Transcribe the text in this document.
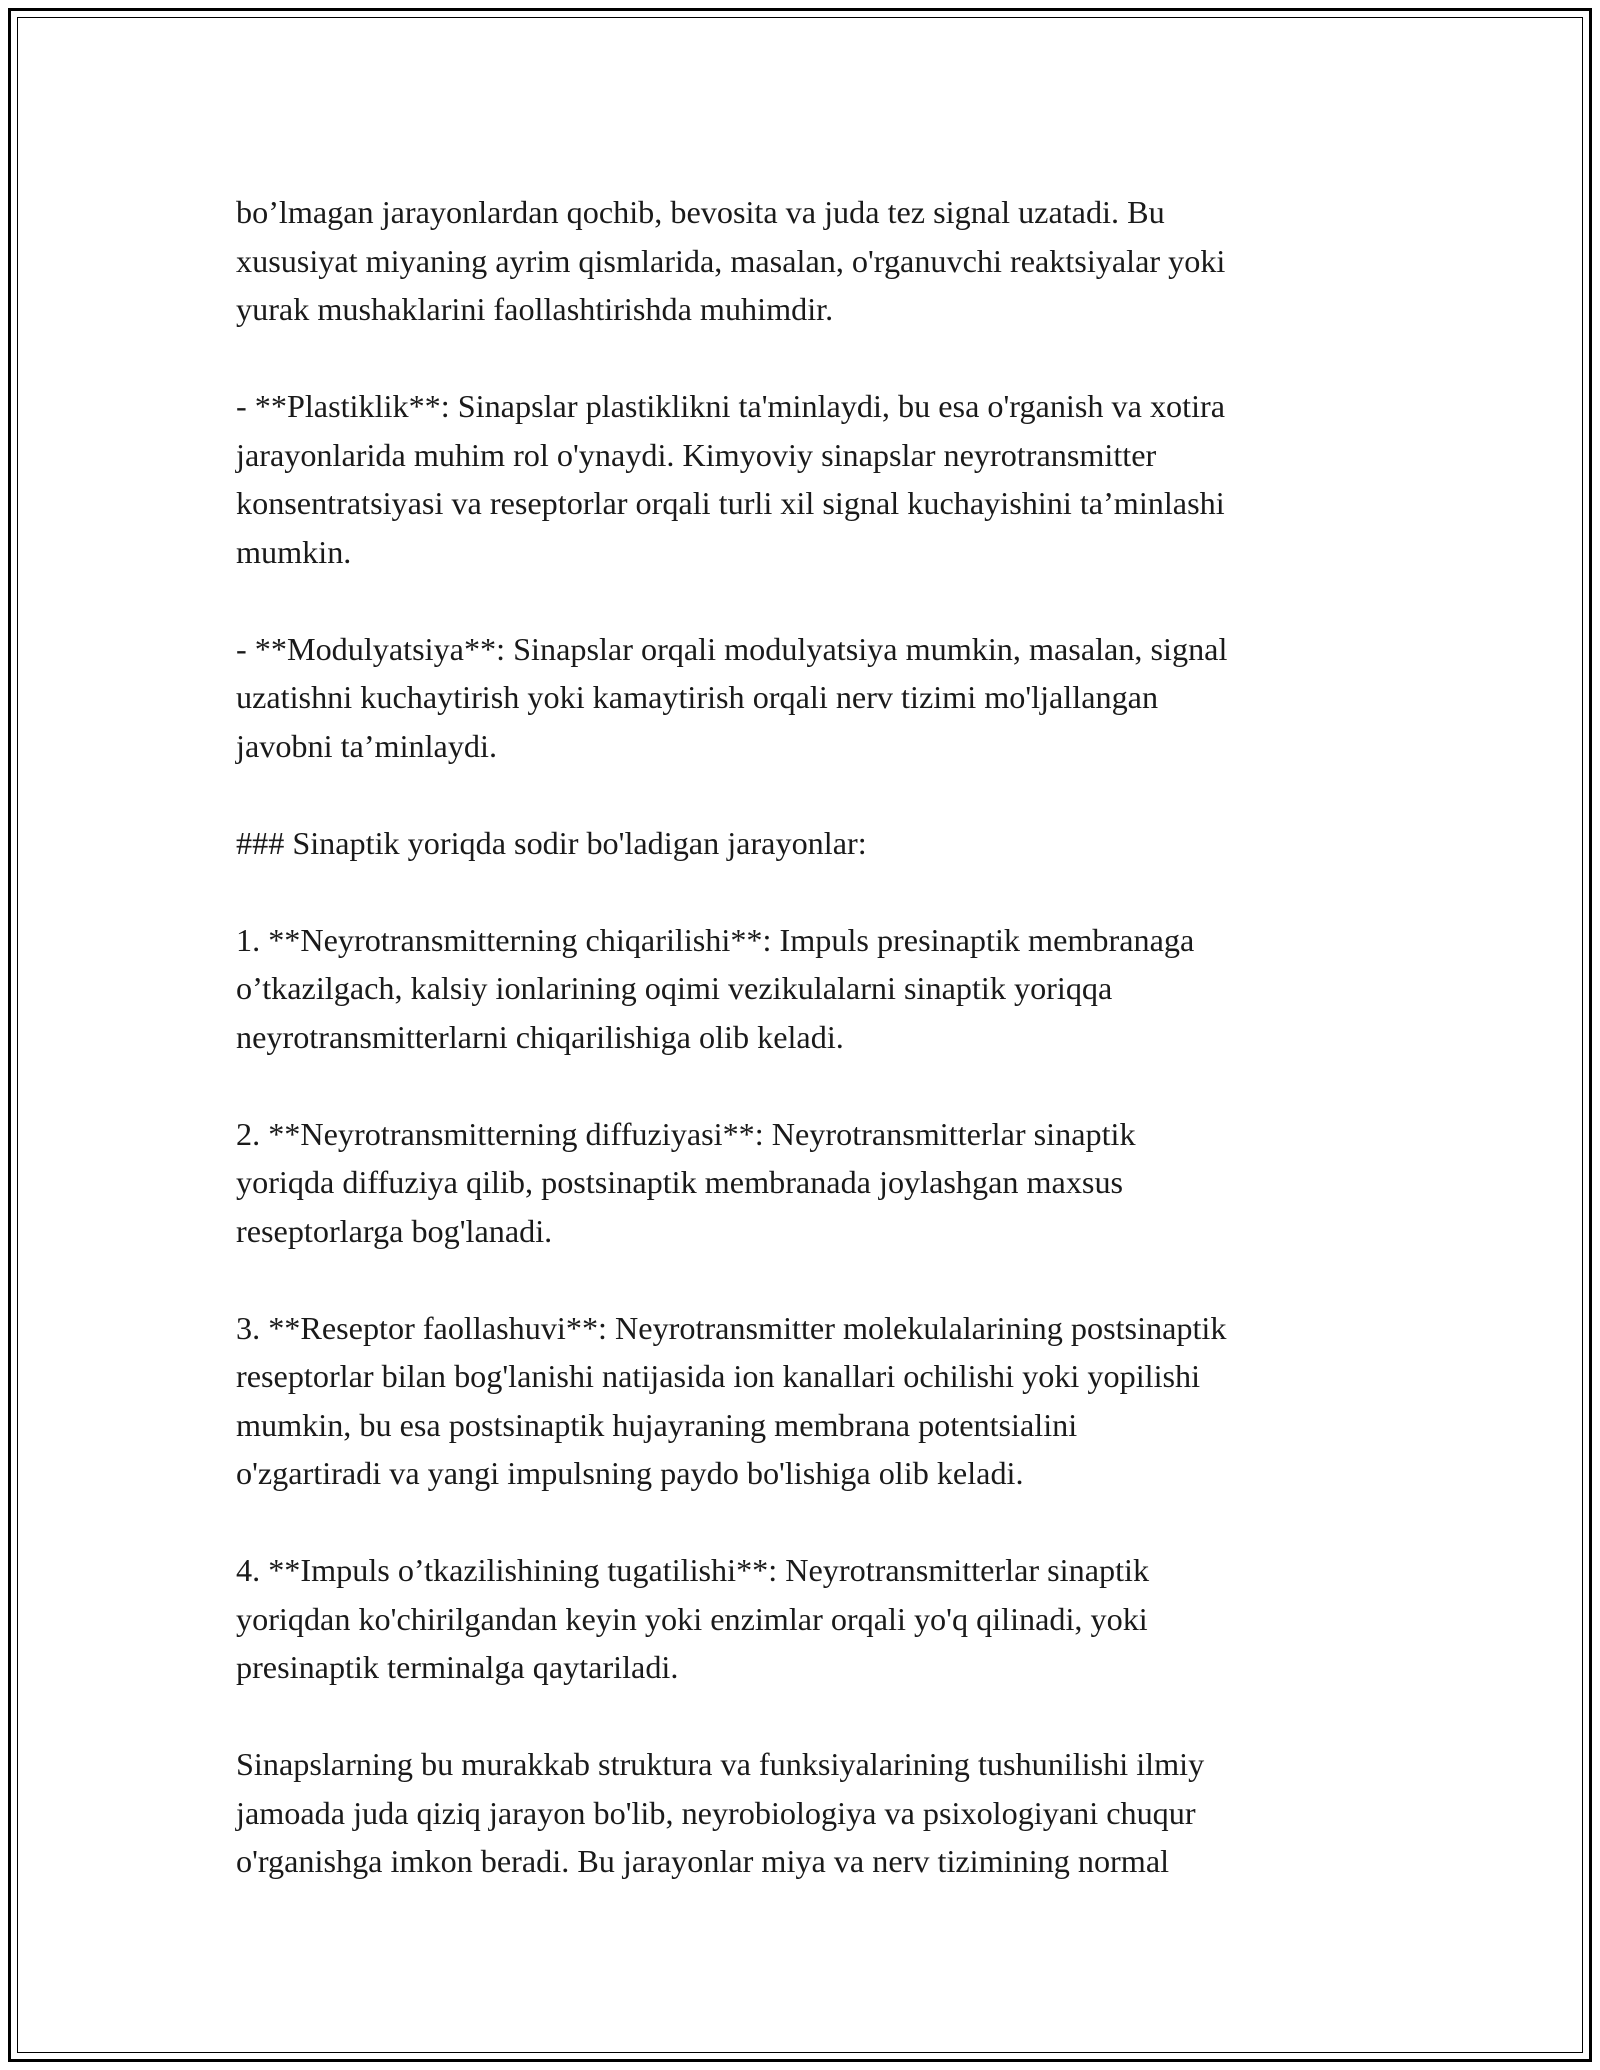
bo’lmagan jarayonlardan qochib, bevosita va juda tez signal uzatadi. Bu
xususiyat miyaning ayrim qismlarida, masalan, o'rganuvchi reaktsiyalar yoki
yurak mushaklarini faollashtirishda muhimdir.

- **Plastiklik**: Sinapslar plastiklikni ta'minlaydi, bu esa o'rganish va xotira
jarayonlarida muhim rol o'ynaydi. Kimyoviy sinapslar neyrotransmitter
konsentratsiyasi va reseptorlar orqali turli xil signal kuchayishini ta’minlashi
mumkin.

- **Modulyatsiya**: Sinapslar orqali modulyatsiya mumkin, masalan, signal
uzatishni kuchaytirish yoki kamaytirish orqali nerv tizimi mo'ljallangan
javobni ta’minlaydi.

### Sinaptik yoriqda sodir bo'ladigan jarayonlar:

1. **Neyrotransmitterning chiqarilishi**: Impuls presinaptik membranaga
o’tkazilgach, kalsiy ionlarining oqimi vezikulalarni sinaptik yoriqqa
neyrotransmitterlarni chiqarilishiga olib keladi.

2. **Neyrotransmitterning diffuziyasi**: Neyrotransmitterlar sinaptik
yoriqda diffuziya qilib, postsinaptik membranada joylashgan maxsus
reseptorlarga bog'lanadi.

3. **Reseptor faollashuvi**: Neyrotransmitter molekulalarining postsinaptik
reseptorlar bilan bog'lanishi natijasida ion kanallari ochilishi yoki yopilishi
mumkin, bu esa postsinaptik hujayraning membrana potentsialini
o'zgartiradi va yangi impulsning paydo bo'lishiga olib keladi.

4. **Impuls o’tkazilishining tugatilishi**: Neyrotransmitterlar sinaptik
yoriqdan ko'chirilgandan keyin yoki enzimlar orqali yo'q qilinadi, yoki
presinaptik terminalga qaytariladi.

Sinapslarning bu murakkab struktura va funksiyalarining tushunilishi ilmiy
jamoada juda qiziq jarayon bo'lib, neyrobiologiya va psixologiyani chuqur
o'rganishga imkon beradi. Bu jarayonlar miya va nerv tizimining normal
